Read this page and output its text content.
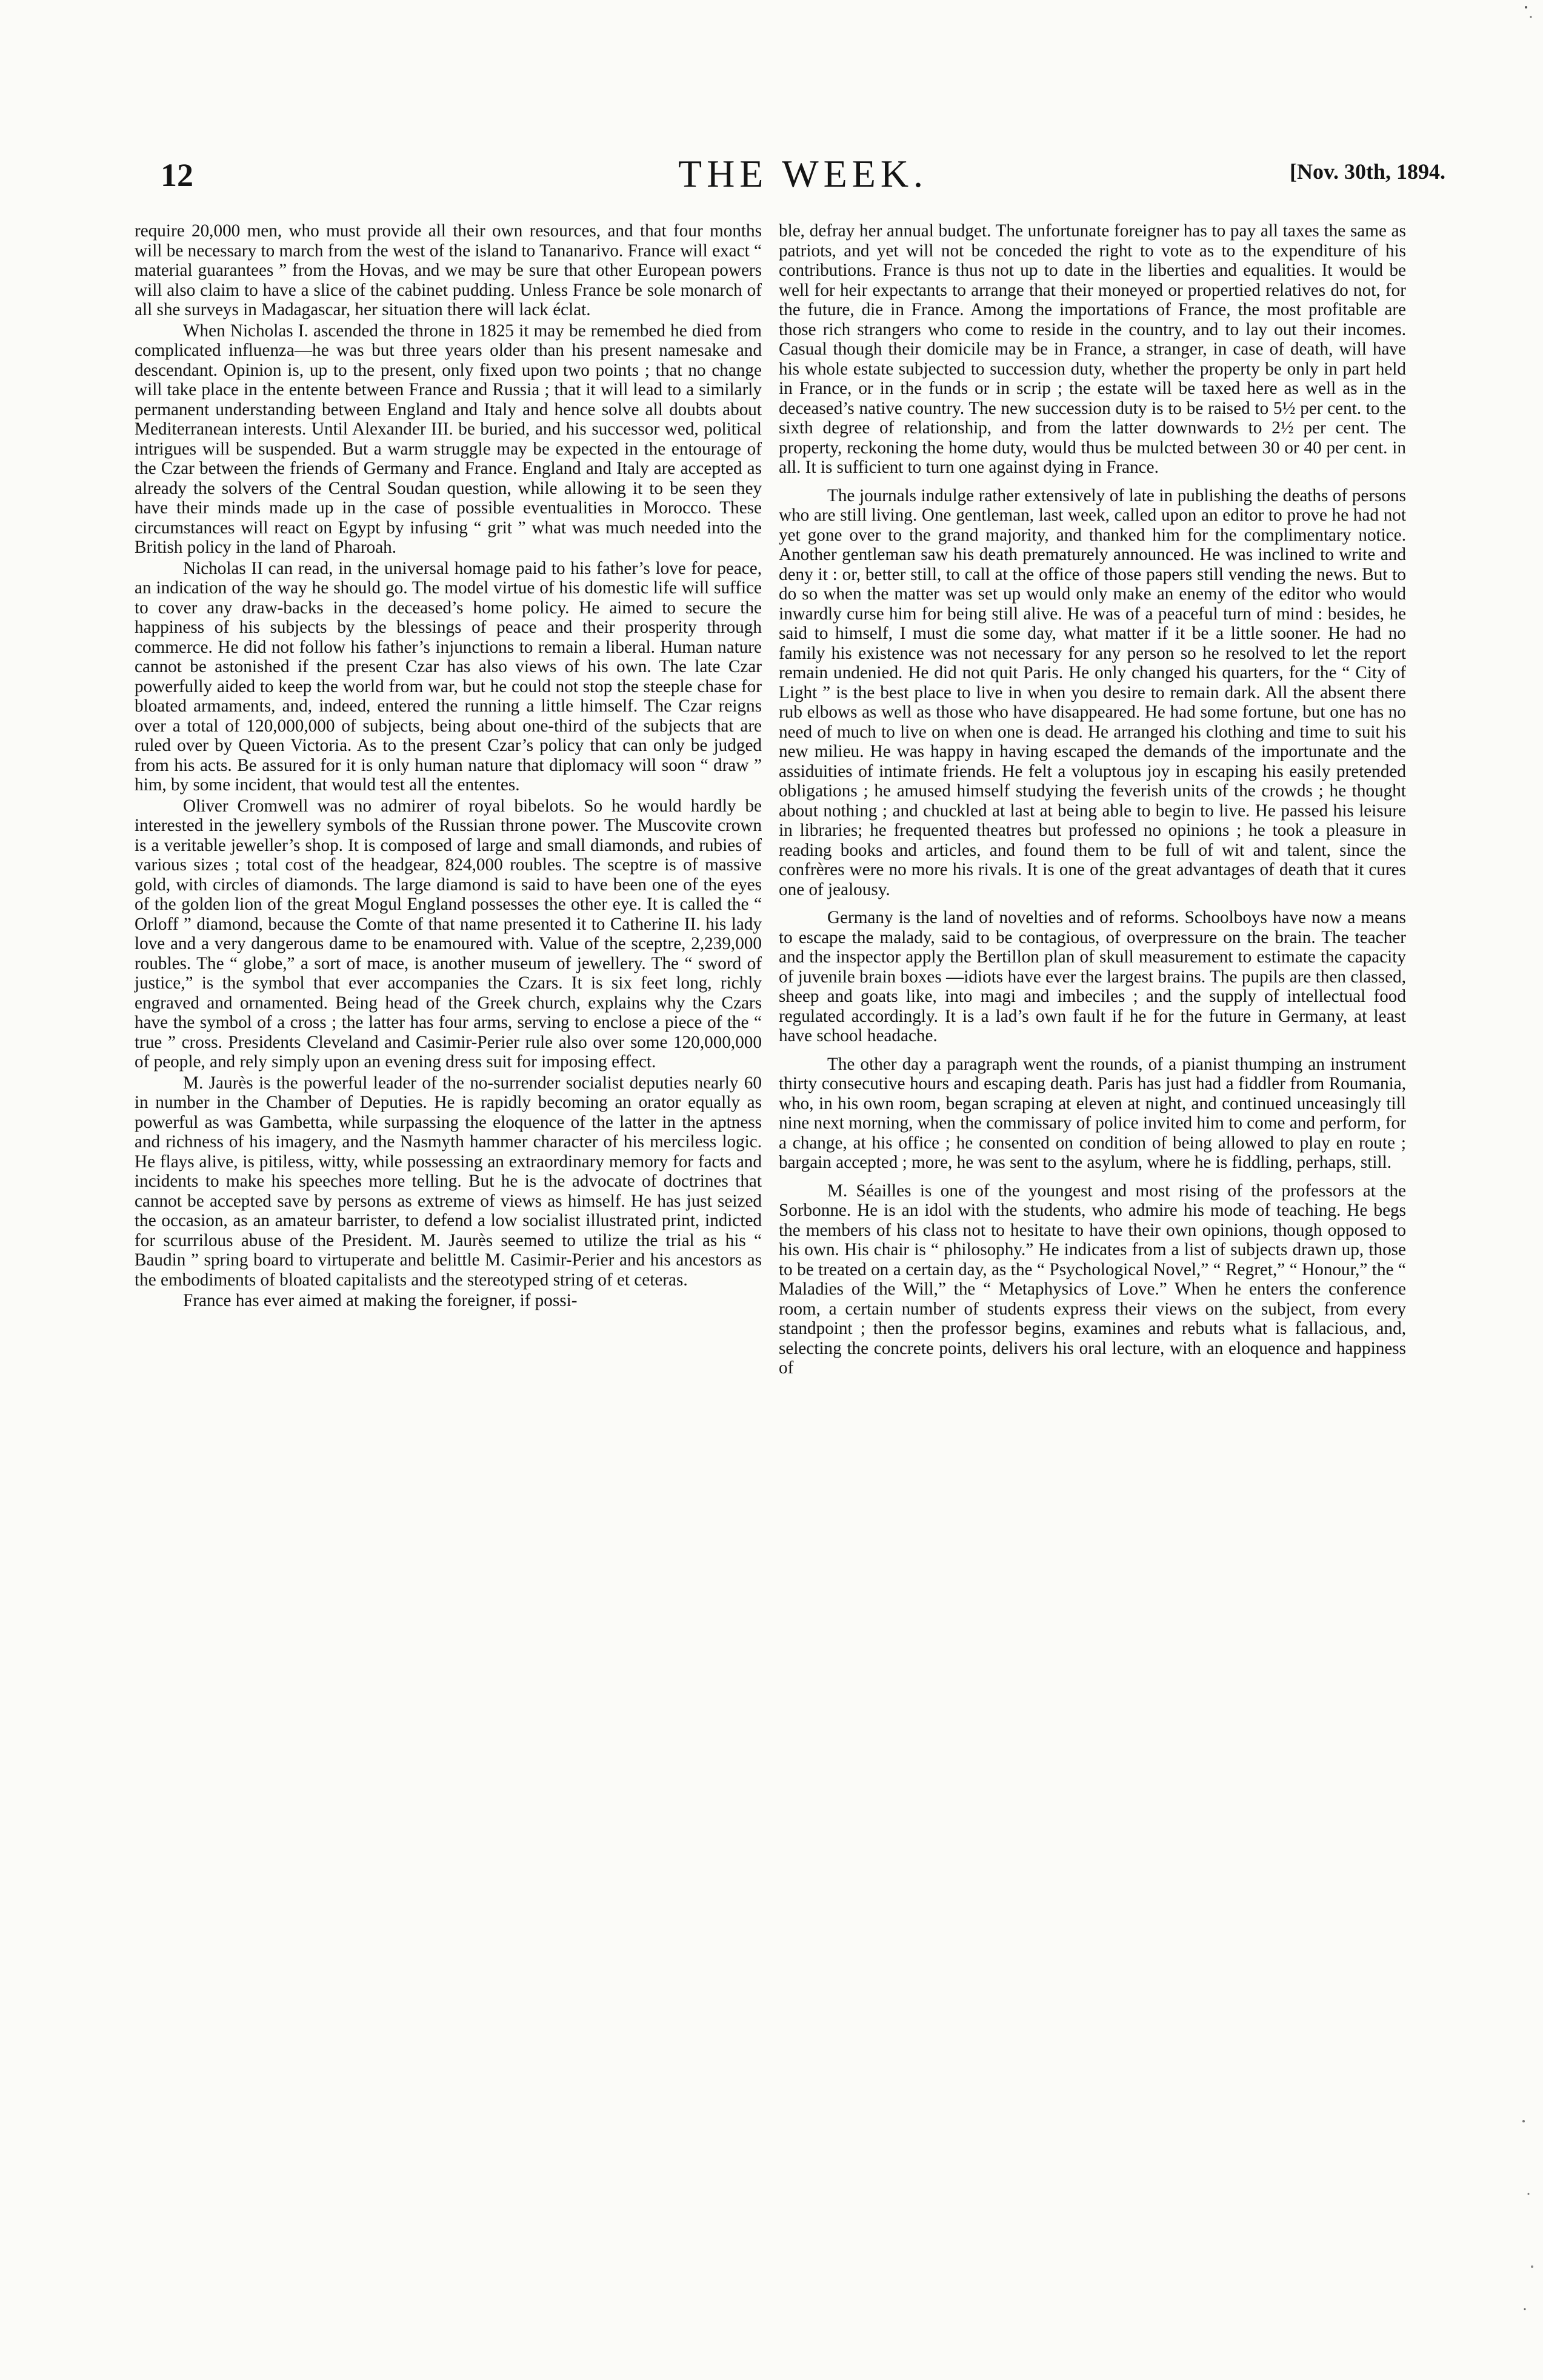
12	THE WEEK.	[Nov. 30th, 1894.

require 20,000 men, who must provide all their own resources, and that four months will be necessary to march from the west of the island to Tananarivo. France will exact “ material guarantees ” from the Hovas, and we may be sure that other European powers will also claim to have a slice of the cabinet pudding. Unless France be sole monarch of all she surveys in Madagascar, her situation there will lack éclat.

When Nicholas I. ascended the throne in 1825 it may be remembed he died from complicated influenza—he was but three years older than his present namesake and descendant. Opinion is, up to the present, only fixed upon two points ; that no change will take place in the entente between France and Russia ; that it will lead to a similarly permanent understanding between England and Italy and hence solve all doubts about Mediterranean interests. Until Alexander III. be buried, and his successor wed, political intrigues will be suspended. But a warm struggle may be expected in the entourage of the Czar between the friends of Germany and France. England and Italy are accepted as already the solvers of the Central Soudan question, while allowing it to be seen they have their minds made up in the case of possible eventualities in Morocco. These circumstances will react on Egypt by infusing “ grit ” what was much needed into the British policy in the land of Pharoah.

Nicholas II can read, in the universal homage paid to his father’s love for peace, an indication of the way he should go. The model virtue of his domestic life will suffice to cover any draw-backs in the deceased’s home policy. He aimed to secure the happiness of his subjects by the blessings of peace and their prosperity through commerce. He did not follow his father’s injunctions to remain a liberal. Human nature cannot be astonished if the present Czar has also views of his own. The late Czar powerfully aided to keep the world from war, but he could not stop the steeple chase for bloated armaments, and, indeed, entered the running a little himself. The Czar reigns over a total of 120,000,000 of subjects, being about one-third of the subjects that are ruled over by Queen Victoria. As to the present Czar’s policy that can only be judged from his acts. Be assured for it is only human nature that diplomacy will soon “ draw ” him, by some incident, that would test all the ententes.

Oliver Cromwell was no admirer of royal bibelots. So he would hardly be interested in the jewellery symbols of the Russian throne power. The Muscovite crown is a veritable jeweller’s shop. It is composed of large and small diamonds, and rubies of various sizes ; total cost of the headgear, 824,000 roubles. The sceptre is of massive gold, with circles of diamonds. The large diamond is said to have been one of the eyes of the golden lion of the great Mogul England possesses the other eye. It is called the “ Orloff ” diamond, because the Comte of that name presented it to Catherine II. his lady love and a very dangerous dame to be enamoured with. Value of the sceptre, 2,239,000 roubles. The “ globe,” a sort of mace, is another museum of jewellery. The “ sword of justice,” is the symbol that ever accompanies the Czars. It is six feet long, richly engraved and ornamented. Being head of the Greek church, explains why the Czars have the symbol of a cross ; the latter has four arms, serving to enclose a piece of the “ true ” cross. Presidents Cleveland and Casimir-Perier rule also over some 120,000,000 of people, and rely simply upon an evening dress suit for imposing effect.

M. Jaurès is the powerful leader of the no-surrender socialist deputies nearly 60 in number in the Chamber of Deputies. He is rapidly becoming an orator equally as powerful as was Gambetta, while surpassing the eloquence of the latter in the aptness and richness of his imagery, and the Nasmyth hammer character of his merciless logic. He flays alive, is pitiless, witty, while possessing an extraordinary memory for facts and incidents to make his speeches more telling. But he is the advocate of doctrines that cannot be accepted save by persons as extreme of views as himself. He has just seized the occasion, as an amateur barrister, to defend a low socialist illustrated print, indicted for scurrilous abuse of the President. M. Jaurès seemed to utilize the trial as his “ Baudin ” spring board to virtuperate and belittle M. Casimir-Perier and his ancestors as the embodiments of bloated capitalists and the stereotyped string of et ceteras.

France has ever aimed at making the foreigner, if possi-

ble, defray her annual budget. The unfortunate foreigner has to pay all taxes the same as patriots, and yet will not be conceded the right to vote as to the expenditure of his contributions. France is thus not up to date in the liberties and equalities. It would be well for heir expectants to arrange that their moneyed or propertied relatives do not, for the future, die in France. Among the importations of France, the most profitable are those rich strangers who come to reside in the country, and to lay out their incomes. Casual though their domicile may be in France, a stranger, in case of death, will have his whole estate subjected to succession duty, whether the property be only in part held in France, or in the funds or in scrip ; the estate will be taxed here as well as in the deceased’s native country. The new succession duty is to be raised to 5½ per cent. to the sixth degree of relationship, and from the latter downwards to 2½ per cent. The property, reckoning the home duty, would thus be mulcted between 30 or 40 per cent. in all. It is sufficient to turn one against dying in France.

The journals indulge rather extensively of late in publishing the deaths of persons who are still living. One gentleman, last week, called upon an editor to prove he had not yet gone over to the grand majority, and thanked him for the complimentary notice. Another gentleman saw his death prematurely announced. He was inclined to write and deny it : or, better still, to call at the office of those papers still vending the news. But to do so when the matter was set up would only make an enemy of the editor who would inwardly curse him for being still alive. He was of a peaceful turn of mind : besides, he said to himself, I must die some day, what matter if it be a little sooner. He had no family his existence was not necessary for any person so he resolved to let the report remain undenied. He did not quit Paris. He only changed his quarters, for the “ City of Light ” is the best place to live in when you desire to remain dark. All the absent there rub elbows as well as those who have disappeared. He had some fortune, but one has no need of much to live on when one is dead. He arranged his clothing and time to suit his new milieu. He was happy in having escaped the demands of the importunate and the assiduities of intimate friends. He felt a voluptous joy in escaping his easily pretended obligations ; he amused himself studying the feverish units of the crowds ; he thought about nothing ; and chuckled at last at being able to begin to live. He passed his leisure in libraries; he frequented theatres but professed no opinions ; he took a pleasure in reading books and articles, and found them to be full of wit and talent, since the confrères were no more his rivals. It is one of the great advantages of death that it cures one of jealousy.

Germany is the land of novelties and of reforms. Schoolboys have now a means to escape the malady, said to be contagious, of overpressure on the brain. The teacher and the inspector apply the Bertillon plan of skull measurement to estimate the capacity of juvenile brain boxes —idiots have ever the largest brains. The pupils are then classed, sheep and goats like, into magi and imbeciles ; and the supply of intellectual food regulated accordingly. It is a lad’s own fault if he for the future in Germany, at least have school headache.

The other day a paragraph went the rounds, of a pianist thumping an instrument thirty consecutive hours and escaping death. Paris has just had a fiddler from Roumania, who, in his own room, began scraping at eleven at night, and continued unceasingly till nine next morning, when the commissary of police invited him to come and perform, for a change, at his office ; he consented on condition of being allowed to play en route ; bargain accepted ; more, he was sent to the asylum, where he is fiddling, perhaps, still.

M. Séailles is one of the youngest and most rising of the professors at the Sorbonne. He is an idol with the students, who admire his mode of teaching. He begs the members of his class not to hesitate to have their own opinions, though opposed to his own. His chair is “ philosophy.” He indicates from a list of subjects drawn up, those to be treated on a certain day, as the “ Psychological Novel,” “ Regret,” “ Honour,” the “ Maladies of the Will,” the “ Metaphysics of Love.” When he enters the conference room, a certain number of students express their views on the subject, from every standpoint ; then the professor begins, examines and rebuts what is fallacious, and, selecting the concrete points, delivers his oral lecture, with an eloquence and happiness of
